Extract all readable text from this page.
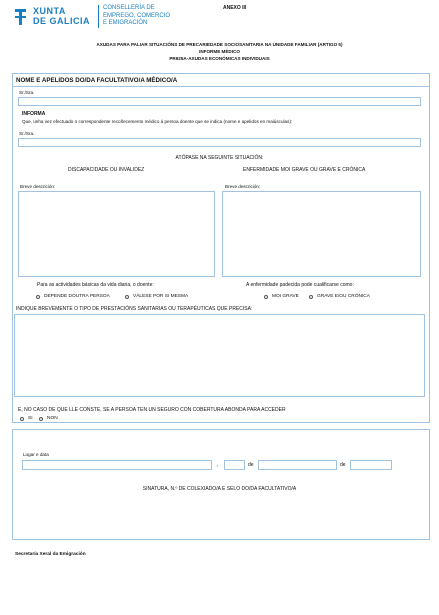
XUNTA
DE GALICIA
CONSELLERÍA DE
EMPREGO, COMERCIO
E EMIGRACIÓN
ANEXO III
AXUDAS PARA PALIAR SITUACIÓNS DE PRECARIEDADE SOCIOSANITARIA NA UNIDADE FAMILIAR (ARTIGO 5)
INFORME MÉDICO
PR925A-AXUDAS ECONÓMICAS INDIVIDUAIS
NOME E APELIDOS DO/DA FACULTATIVO/A MÉDICO/A
Sr./Sra.
INFORMA
Que, unha vez efectuado o correspondente recoñecemento médico á persoa doente que se indica (nome e apelidos en maiúsculas):
Sr./Sra.
ATÓPASE NA SEGUINTE SITUACIÓN:
DISCAPACIDADE OU INVALIDEZ	ENFERMIDADE MOI GRAVE OU GRAVE E CRÓNICA
Breve descrición:	Breve descrición:
Para as actividades básicas da vida diaria, o doente:	A enfermidade padecida pode cualificarse como:
DEPENDE DOUTRA PERSOA	VÁLESE POR SI MESMA	MOI GRAVE	GRAVE E/OU CRÓNICA
INDIQUE BREVEMENTE O TIPO DE PRESTACIÓNS SANITARIAS OU TERAPÉUTICAS QUE PRECISA:
E, NO CASO DE QUE LLE CONSTE, SE A PERSOA TEN UN SEGURO CON COBERTURA ABONDA PARA ACCEDER
SI	NON
Lugar e data
,	de	de
SINATURA, N.º DE COLEXIADO/A E SELO DO/DA FACULTATIVO/A
Secretaría Xeral da Emigración
